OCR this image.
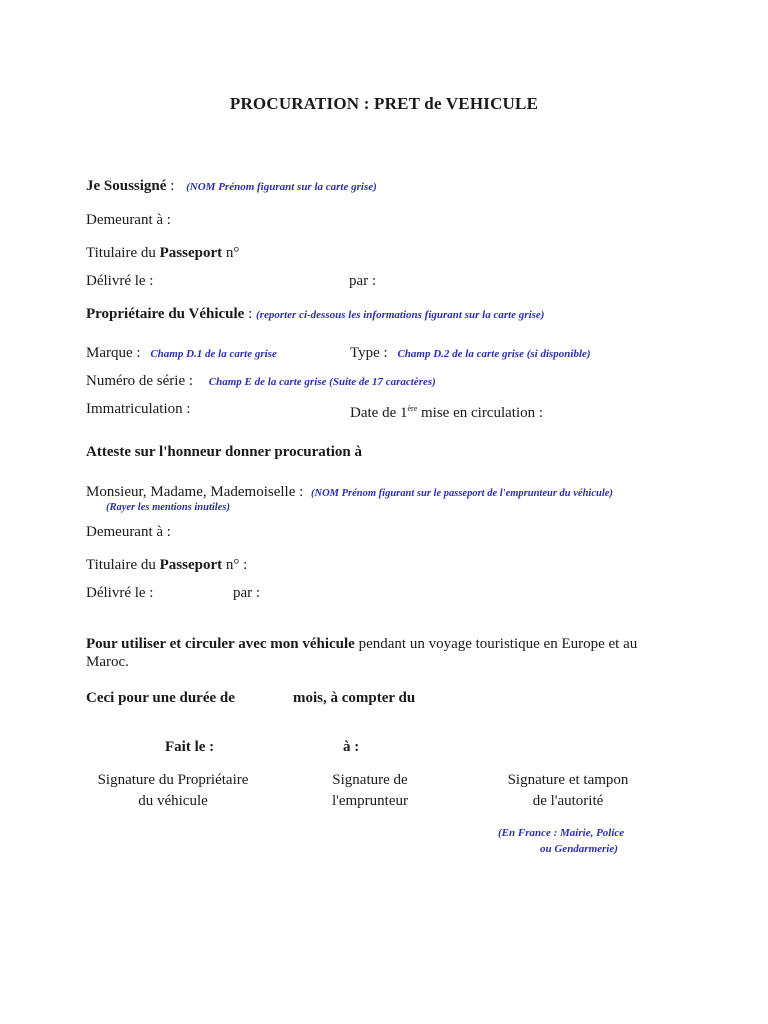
PROCURATION : PRET de VEHICULE
Je Soussigné : (NOM Prénom figurant sur la carte grise)
Demeurant à :
Titulaire du Passeport n°
Délivré le :	par :
Propriétaire du Véhicule : (reporter ci-dessous les informations figurant sur la carte grise)
Marque : Champ D.1 de la carte grise	Type : Champ D.2 de la carte grise (si disponible)
Numéro de série : Champ E de la carte grise (Suite de 17 caractères)
Immatriculation :	Date de 1ère mise en circulation :
Atteste sur l'honneur donner procuration à
Monsieur, Madame, Mademoiselle : (NOM Prénom figurant sur le passeport de l'emprunteur du véhicule)
(Rayer les mentions inutiles)
Demeurant à :
Titulaire du Passeport n° :
Délivré le :	par :
Pour utiliser et circuler avec mon véhicule pendant un voyage touristique en Europe et au
Maroc.
Ceci pour une durée de	mois, à compter du
Fait le :	à :
Signature du Propriétaire
du véhicule
Signature de
l'emprunteur
Signature et tampon
de l'autorité
(En France : Mairie, Police
ou Gendarmerie)
